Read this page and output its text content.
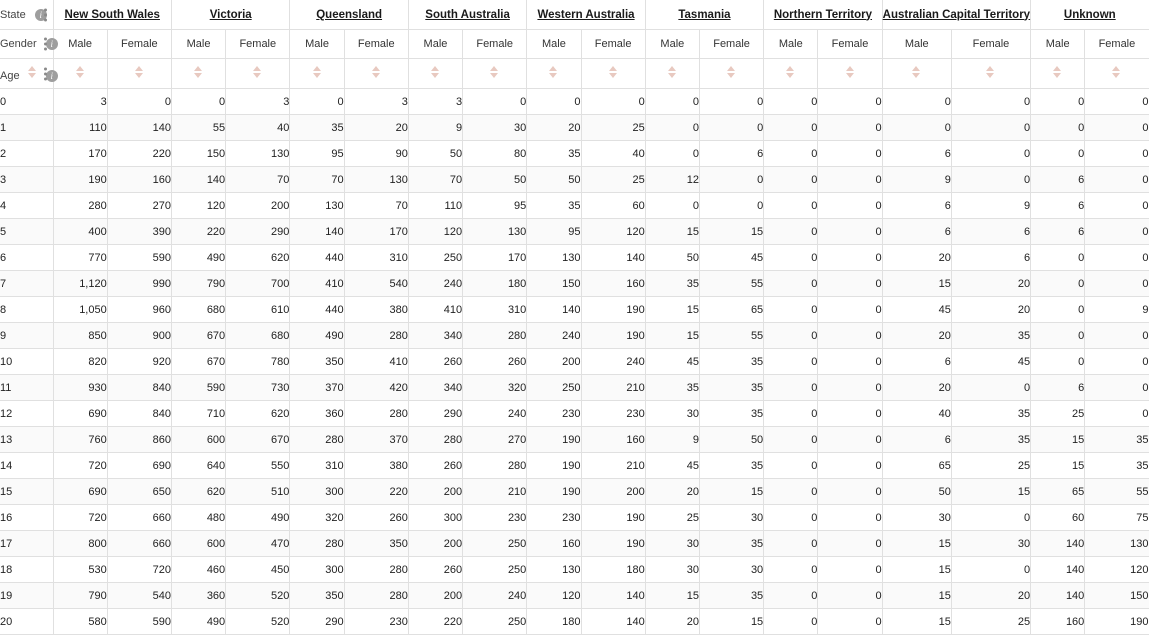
State i	New South Wales		Victoria		Queensland		South Australia		Western Australia		Tasmania		Northern Territory		Australian Capital Territory		Unknown	
Gender i	Male	Female	Male	Female	Male	Female	Male	Female	Male	Female	Male	Female	Male	Female	Male	Female	Male	Female
Age i

0	3	0	0	3	0	3	3	0	0	0	0	0	0	0	0	0	0	0
1	110	140	55	40	35	20	9	30	20	25	0	0	0	0	0	0	0	0
2	170	220	150	130	95	90	50	80	35	40	0	6	0	0	6	0	0	0
3	190	160	140	70	70	130	70	50	50	25	12	0	0	0	9	0	6	0
4	280	270	120	200	130	70	110	95	35	60	0	0	0	0	6	9	6	0
5	400	390	220	290	140	170	120	130	95	120	15	15	0	0	6	6	6	0
6	770	590	490	620	440	310	250	170	130	140	50	45	0	0	20	6	0	0
7	1,120	990	790	700	410	540	240	180	150	160	35	55	0	0	15	20	0	0
8	1,050	960	680	610	440	380	410	310	140	190	15	65	0	0	45	20	0	9
9	850	900	670	680	490	280	340	280	240	190	15	55	0	0	20	35	0	0
10	820	920	670	780	350	410	260	260	200	240	45	35	0	0	6	45	0	0
11	930	840	590	730	370	420	340	320	250	210	35	35	0	0	20	0	6	0
12	690	840	710	620	360	280	290	240	230	230	30	35	0	0	40	35	25	0
13	760	860	600	670	280	370	280	270	190	160	9	50	0	0	6	35	15	35
14	720	690	640	550	310	380	260	280	190	210	45	35	0	0	65	25	15	35
15	690	650	620	510	300	220	200	210	190	200	20	15	0	0	50	15	65	55
16	720	660	480	490	320	260	300	230	230	190	25	30	0	0	30	0	60	75
17	800	660	600	470	280	350	200	250	160	190	30	35	0	0	15	30	140	130
18	530	720	460	450	300	280	260	250	130	180	30	30	0	0	15	0	140	120
19	790	540	360	520	350	280	200	240	120	140	15	35	0	0	15	20	140	150
20	580	590	490	520	290	230	220	250	180	140	20	15	0	0	15	25	160	190
